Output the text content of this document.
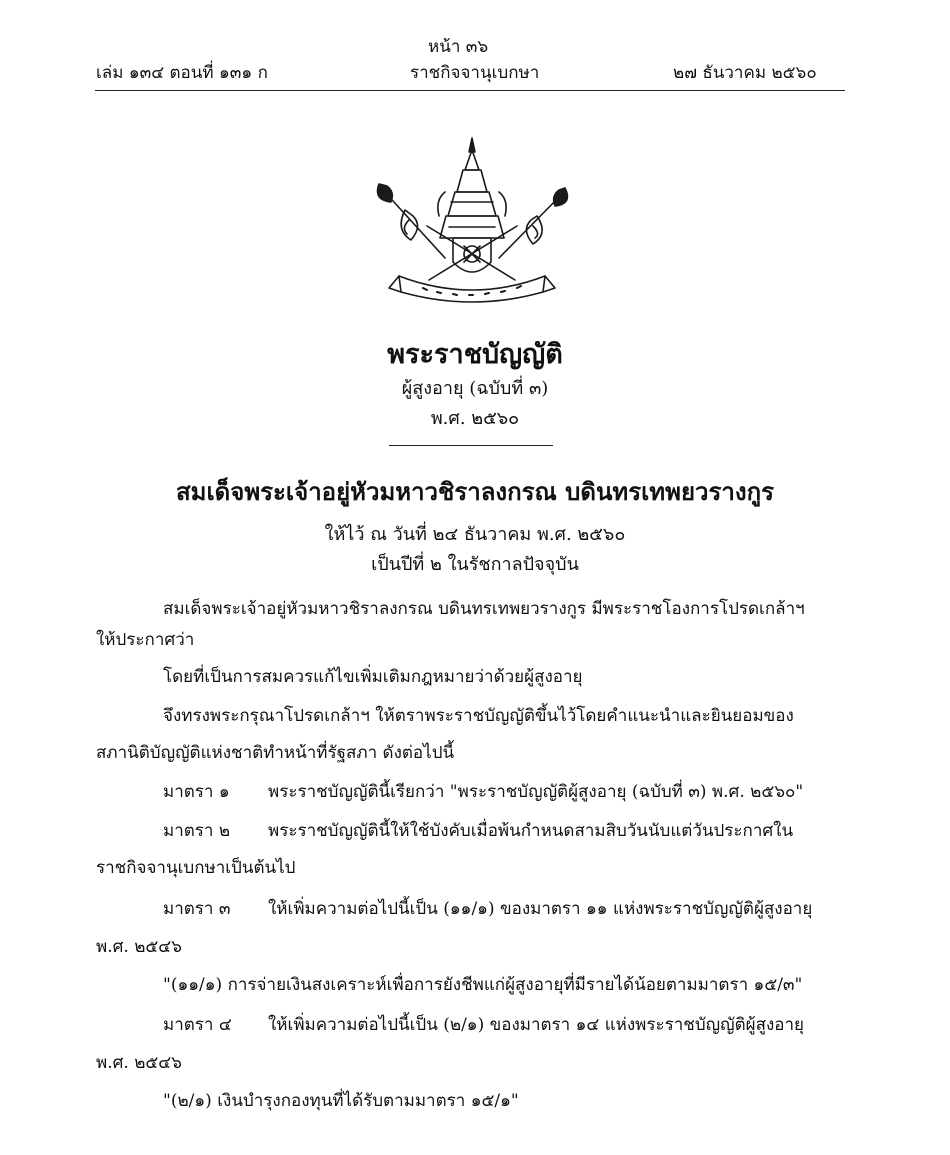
หน้า ๓๖
เล่ม ๑๓๔ ตอนที่ ๑๓๑ ก	ราชกิจจานุเบกษา	๒๗ ธันวาคม ๒๕๖๐
พระราชบัญญัติ
ผู้สูงอายุ (ฉบับที่ ๓)
พ.ศ. ๒๕๖๐
สมเด็จพระเจ้าอยู่หัวมหาวชิราลงกรณ บดินทรเทพยวรางกูร
ให้ไว้ ณ วันที่ ๒๔ ธันวาคม พ.ศ. ๒๕๖๐
เป็นปีที่ ๒ ในรัชกาลปัจจุบัน
สมเด็จพระเจ้าอยู่หัวมหาวชิราลงกรณ บดินทรเทพยวรางกูร มีพระราชโองการโปรดเกล้าฯ
ให้ประกาศว่า
โดยที่เป็นการสมควรแก้ไขเพิ่มเติมกฎหมายว่าด้วยผู้สูงอายุ
จึงทรงพระกรุณาโปรดเกล้าฯ ให้ตราพระราชบัญญัติขึ้นไว้โดยคำแนะนำและยินยอมของ
สภานิติบัญญัติแห่งชาติทำหน้าที่รัฐสภา ดังต่อไปนี้
มาตรา ๑ พระราชบัญญัตินี้เรียกว่า "พระราชบัญญัติผู้สูงอายุ (ฉบับที่ ๓) พ.ศ. ๒๕๖๐"
มาตรา ๒ พระราชบัญญัตินี้ให้ใช้บังคับเมื่อพ้นกำหนดสามสิบวันนับแต่วันประกาศใน
ราชกิจจานุเบกษาเป็นต้นไป
มาตรา ๓ ให้เพิ่มความต่อไปนี้เป็น (๑๑/๑) ของมาตรา ๑๑ แห่งพระราชบัญญัติผู้สูงอายุ
พ.ศ. ๒๕๔๖
"(๑๑/๑) การจ่ายเงินสงเคราะห์เพื่อการยังชีพแก่ผู้สูงอายุที่มีรายได้น้อยตามมาตรา ๑๕/๓"
มาตรา ๔ ให้เพิ่มความต่อไปนี้เป็น (๒/๑) ของมาตรา ๑๔ แห่งพระราชบัญญัติผู้สูงอายุ
พ.ศ. ๒๕๔๖
"(๒/๑) เงินบำรุงกองทุนที่ได้รับตามมาตรา ๑๕/๑"
